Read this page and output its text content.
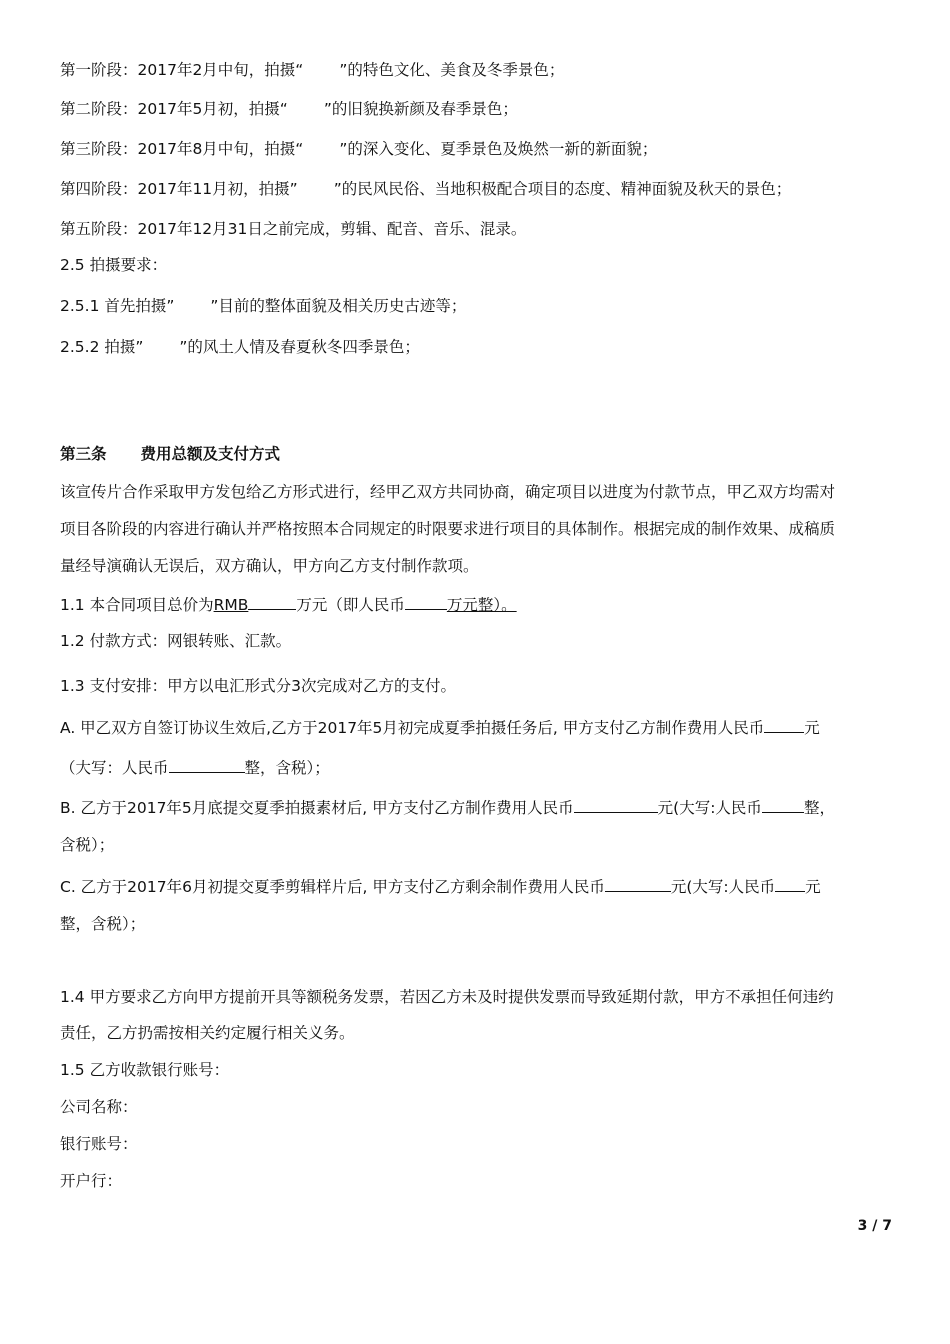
第一阶段：2017年2月中旬，拍摄“ ”的特色文化、美食及冬季景色；
第二阶段：2017年5月初，拍摄“ ”的旧貌换新颜及春季景色；
第三阶段：2017年8月中旬，拍摄“ ”的深入变化、夏季景色及焕然一新的新面貌；
第四阶段：2017年11月初，拍摄” ”的民风民俗、当地积极配合项目的态度、精神面貌及秋天的景色；
第五阶段：2017年12月31日之前完成，剪辑、配音、音乐、混录。
2.5 拍摄要求：
2.5.1 首先拍摄” ”目前的整体面貌及相关历史古迹等；
2.5.2 拍摄” ”的风土人情及春夏秋冬四季景色；
第三条 费用总额及支付方式
该宣传片合作采取甲方发包给乙方形式进行，经甲乙双方共同协商，确定项目以进度为付款节点，甲乙双方均需对
项目各阶段的内容进行确认并严格按照本合同规定的时限要求进行项目的具体制作。根据完成的制作效果、成稿质
量经导演确认无误后，双方确认，甲方向乙方支付制作款项。
1.1 本合同项目总价为RMB	万元（即人民币	万元整）。
1.2 付款方式：网银转账、汇款。
1.3 支付安排：甲方以电汇形式分3次完成对乙方的支付。
A. 甲乙双方自签订协议生效后,乙方于2017年5月初完成夏季拍摄任务后, 甲方支付乙方制作费用人民币	元
（大写：人民币	整，含税）；
B. 乙方于2017年5月底提交夏季拍摄素材后, 甲方支付乙方制作费用人民币	元(大写:人民币	整，
含税）；
C. 乙方于2017年6月初提交夏季剪辑样片后, 甲方支付乙方剩余制作费用人民币	元(大写:人民币 元
整，含税）；
1.4 甲方要求乙方向甲方提前开具等额税务发票，若因乙方未及时提供发票而导致延期付款，甲方不承担任何违约
责任，乙方扔需按相关约定履行相关义务。
1.5 乙方收款银行账号：
公司名称：
银行账号：
开户行：
3 / 7
